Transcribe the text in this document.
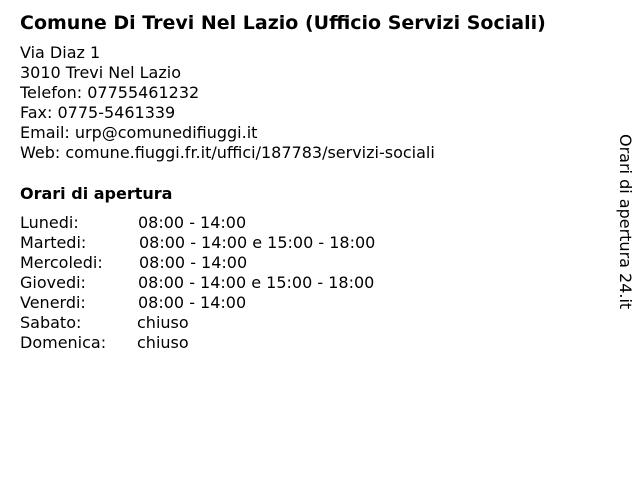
Comune Di Trevi Nel Lazio (Ufficio Servizi Sociali)
Via Diaz 1
3010 Trevi Nel Lazio
Telefon: 07755461232
Fax: 0775-5461339
Email: urp@comunedifiuggi.it
Web: comune.fiuggi.fr.it/uffici/187783/servizi-sociali
Orari di apertura
Lunedi:	08:00 - 14:00
Martedi:	08:00 - 14:00 e 15:00 - 18:00
Mercoledi: 08:00 - 14:00
Giovedi:	08:00 - 14:00 e 15:00 - 18:00
Venerdi:	08:00 - 14:00
Sabato:	chiuso
Domenica: chiuso
Orari di apertura 24.it
